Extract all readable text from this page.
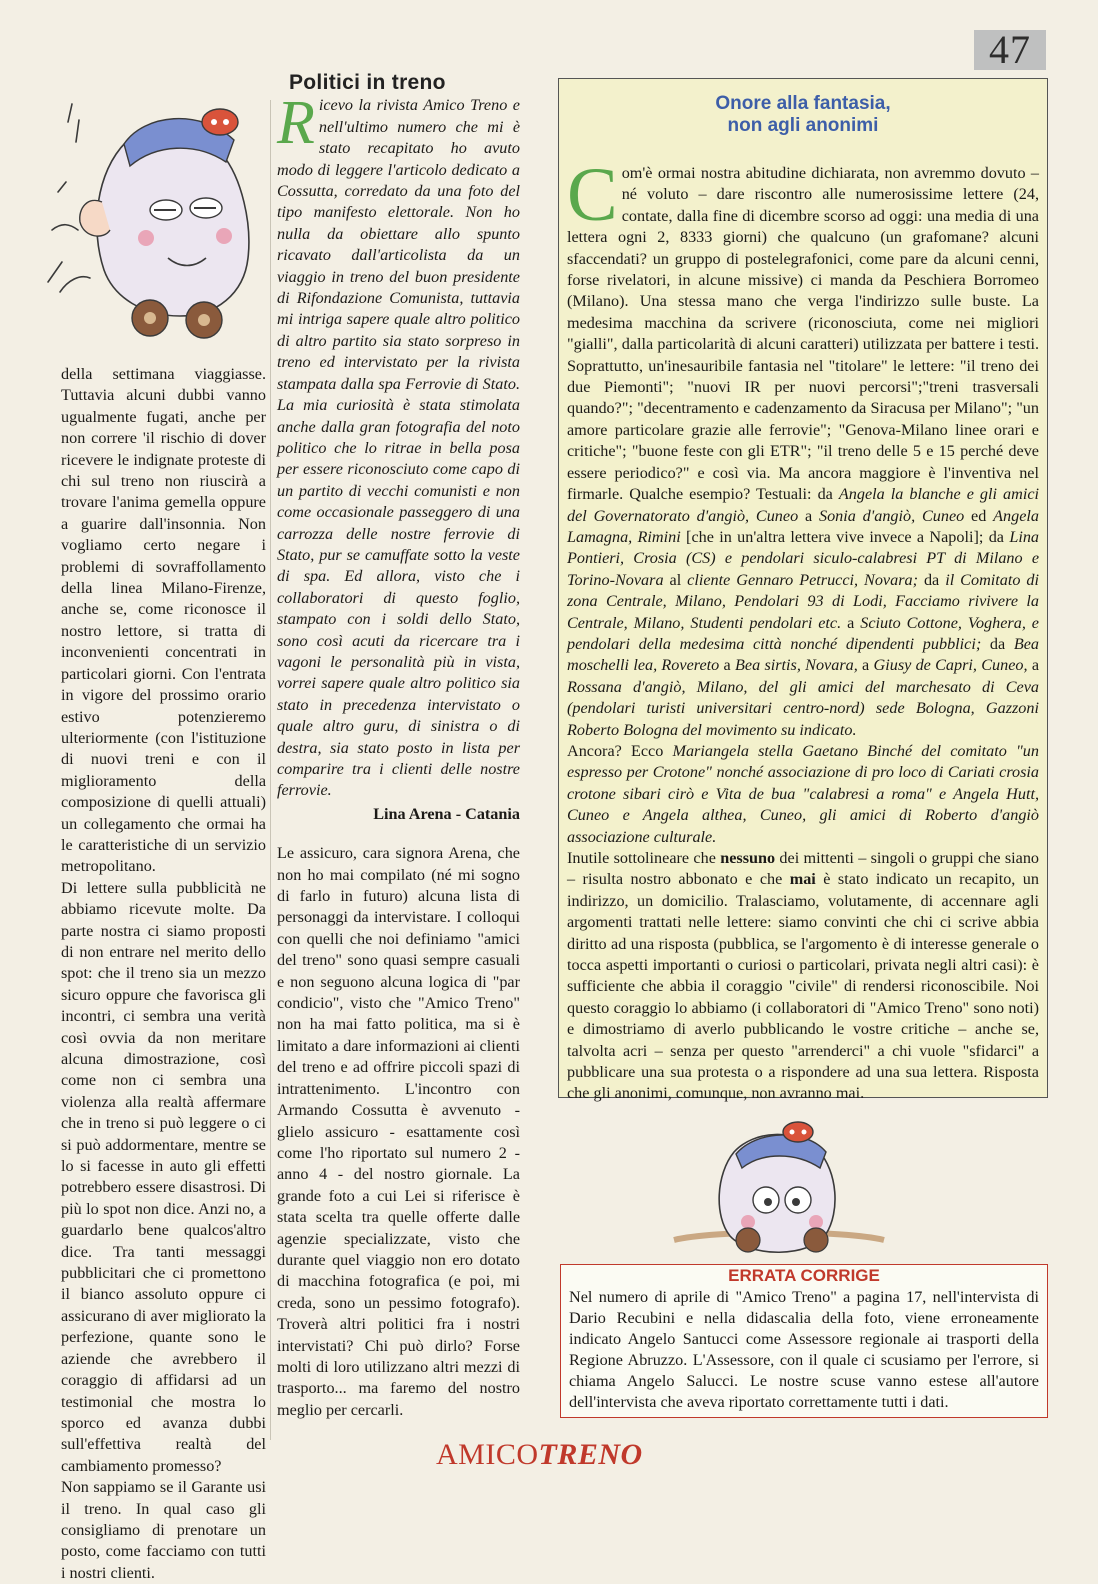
47

della settimana viaggiasse. Tuttavia alcuni dubbi vanno ugualmente fugati, anche per non correre 'il rischio di dover ricevere le indignate proteste di chi sul treno non riuscirà a trovare l'anima gemella oppure a guarire dall'insonnia. Non vogliamo certo negare i problemi di sovraffollamento della linea Milano-Firenze, anche se, come riconosce il nostro lettore, si tratta di inconvenienti concentrati in particolari giorni. Con l'entrata in vigore del prossimo orario estivo potenzieremo ulteriormente (con l'istituzione di nuovi treni e con il miglioramento della composizione di quelli attuali) un collegamento che ormai ha le caratteristiche di un servizio metropolitano.

Di lettere sulla pubblicità ne abbiamo ricevute molte. Da parte nostra ci siamo proposti di non entrare nel merito dello spot: che il treno sia un mezzo sicuro oppure che favorisca gli incontri, ci sembra una verità così ovvia da non meritare alcuna dimostrazione, così come non ci sembra una violenza alla realtà affermare che in treno si può leggere o ci si può addormentare, mentre se lo si facesse in auto gli effetti potrebbero essere disastrosi. Di più lo spot non dice. Anzi no, a guardarlo bene qualcos'altro dice. Tra tanti messaggi pubblicitari che ci promettono il bianco assoluto oppure ci assicurano di aver migliorato la perfezione, quante sono le aziende che avrebbero il coraggio di affidarsi ad un testimonial che mostra lo sporco ed avanza dubbi sull'effettiva realtà del cambiamento promesso?

Non sappiamo se il Garante usi il treno. In qual caso gli consigliamo di prenotare un posto, come facciamo con tutti i nostri clienti.

Politici in treno
Ricevo la rivista Amico Treno e nell'ultimo numero che mi è stato recapitato ho avuto modo di leggere l'articolo dedicato a Cossutta, corredato da una foto del tipo manifesto elettorale. Non ho nulla da obiettare allo spunto ricavato dall'articolista da un viaggio in treno del buon presidente di Rifondazione Comunista, tuttavia mi intriga sapere quale altro politico di altro partito sia stato sorpreso in treno ed intervistato per la rivista stampata dalla spa Ferrovie di Stato. La mia curiosità è stata stimolata anche dalla gran fotografia del noto politico che lo ritrae in bella posa per essere riconosciuto come capo di un partito di vecchi comunisti e non come occasionale passeggero di una carrozza delle nostre ferrovie di Stato, pur se camuffate sotto la veste di spa. Ed allora, visto che i collaboratori di questo foglio, stampato con i soldi dello Stato, sono così acuti da ricercare tra i vagoni le personalità più in vista, vorrei sapere quale altro politico sia stato in precedenza intervistato o quale altro guru, di sinistra o di destra, sia stato posto in lista per comparire tra i clienti delle nostre ferrovie.
Lina Arena - Catania

Le assicuro, cara signora Arena, che non ho mai compilato (né mi sogno di farlo in futuro) alcuna lista di personaggi da intervistare. I colloqui con quelli che noi definiamo "amici del treno" sono quasi sempre casuali e non seguono alcuna logica di "par condicio", visto che "Amico Treno" non ha mai fatto politica, ma si è limitato a dare informazioni ai clienti del treno e ad offrire piccoli spazi di intrattenimento. L'incontro con Armando Cossutta è avvenuto - glielo assicuro - esattamente così come l'ho riportato sul numero 2 - anno 4 - del nostro giornale. La grande foto a cui Lei si riferisce è stata scelta tra quelle offerte dalle agenzie specializzate, visto che durante quel viaggio non ero dotato di macchina fotografica (e poi, mi creda, sono un pessimo fotografo). Troverà altri politici fra i nostri intervistati? Chi può dirlo? Forse molti di loro utilizzano altri mezzi di trasporto... ma faremo del nostro meglio per cercarli.

Onore alla fantasia,
non agli anonimi

Com'è ormai nostra abitudine dichiarata, non avremmo dovuto – né voluto – dare riscontro alle numerosissime lettere (24, contate, dalla fine di dicembre scorso ad oggi: una media di una lettera ogni 2, 8333 giorni) che qualcuno (un grafomane? alcuni sfaccendati? un gruppo di postelegrafonici, come pare da alcuni cenni, forse rivelatori, in alcune missive) ci manda da Peschiera Borromeo (Milano). Una stessa mano che verga l'indirizzo sulle buste. La medesima macchina da scrivere (riconosciuta, come nei migliori "gialli", dalla particolarità di alcuni caratteri) utilizzata per battere i testi. Soprattutto, un'inesauribile fantasia nel "titolare" le lettere: "il treno dei due Piemonti"; "nuovi IR per nuovi percorsi";"treni trasversali quando?"; "decentramento e cadenzamento da Siracusa per Milano"; "un amore particolare grazie alle ferrovie"; "Genova-Milano linee orari e critiche"; "buone feste con gli ETR"; "il treno delle 5 e 15 perché deve essere periodico?" e così via. Ma ancora maggiore è l'inventiva nel firmarle. Qualche esempio? Testuali: da Angela la blanche e gli amici del Governatorato d'angiò, Cuneo a Sonia d'angiò, Cuneo ed Angela Lamagna, Rimini [che in un'altra lettera vive invece a Napoli]; da Lina Pontieri, Crosia (CS) e pendolari siculo-calabresi PT di Milano e Torino-Novara al cliente Gennaro Petrucci, Novara; da il Comitato di zona Centrale, Milano, Pendolari 93 di Lodi, Facciamo rivivere la Centrale, Milano, Studenti pendolari etc. a Sciuto Cottone, Voghera, e pendolari della medesima città nonché dipendenti pubblici; da Bea moschelli lea, Rovereto a Bea sirtis, Novara, a Giusy de Capri, Cuneo, a Rossana d'angiò, Milano, del gli amici del marchesato di Ceva (pendolari turisti universitari centro-nord) sede Bologna, Gazzoni Roberto Bologna del movimento su indicato.

Ancora? Ecco Mariangela stella Gaetano Binché del comitato "un espresso per Crotone" nonché associazione di pro loco di Cariati crosia crotone sibari cirò e Vita de bua "calabresi a roma" e Angela Hutt, Cuneo e Angela althea, Cuneo, gli amici di Roberto d'angiò associazione culturale.

Inutile sottolineare che nessuno dei mittenti – singoli o gruppi che siano – risulta nostro abbonato e che mai è stato indicato un recapito, un indirizzo, un domicilio. Tralasciamo, volutamente, di accennare agli argomenti trattati nelle lettere: siamo convinti che chi ci scrive abbia diritto ad una risposta (pubblica, se l'argomento è di interesse generale o tocca aspetti importanti o curiosi o particolari, privata negli altri casi): è sufficiente che abbia il coraggio "civile" di rendersi riconoscibile. Noi questo coraggio lo abbiamo (i collaboratori di "Amico Treno" sono noti) e dimostriamo di averlo pubblicando le vostre critiche – anche se, talvolta acri – senza per questo "arrenderci" a chi vuole "sfidarci" a pubblicare una sua protesta o a rispondere ad una sua lettera. Risposta che gli anonimi, comunque, non avranno mai.

ERRATA CORRIGE
Nel numero di aprile di "Amico Treno" a pagina 17, nell'intervista di Dario Recubini e nella didascalia della foto, viene erroneamente indicato Angelo Santucci come Assessore regionale ai trasporti della Regione Abruzzo. L'Assessore, con il quale ci scusiamo per l'errore, si chiama Angelo Salucci. Le nostre scuse vanno estese all'autore dell'intervista che aveva riportato correttamente tutti i dati.
AMICOTRENO
